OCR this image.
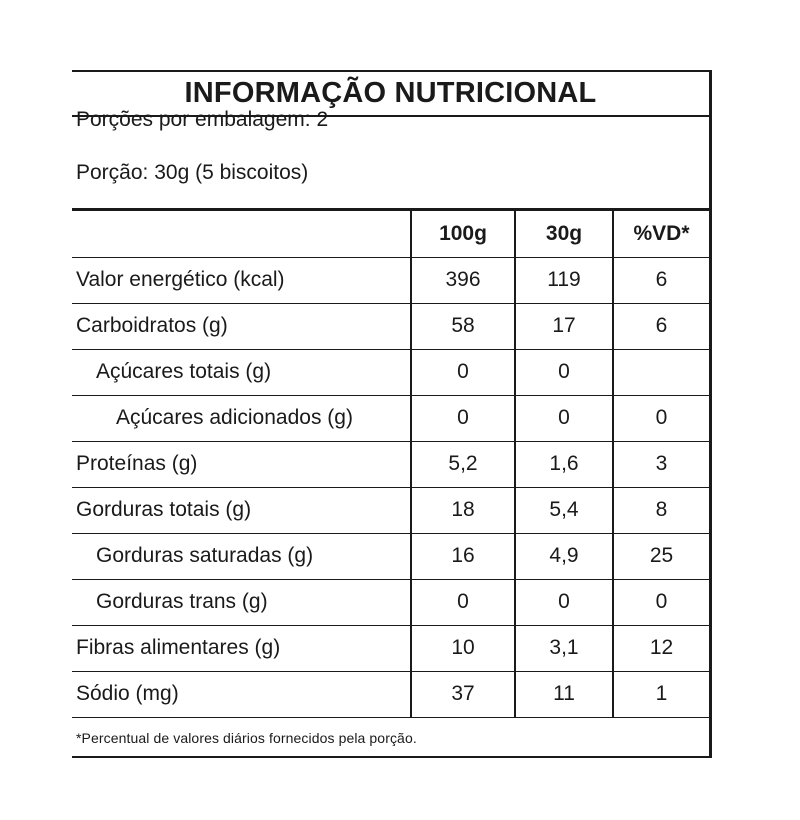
INFORMAÇÃO NUTRICIONAL
Porções por embalagem: 2
Porção: 30g (5 biscoitos)
	100g	30g	%VD*
Valor energético (kcal)	396	119	6
Carboidratos (g)	58	17	6
Açúcares totais (g)	0	0	
Açúcares adicionados (g)	0	0	0
Proteínas (g)	5,2	1,6	3
Gorduras totais (g)	18	5,4	8
Gorduras saturadas (g)	16	4,9	25
Gorduras trans (g)	0	0	0
Fibras alimentares (g)	10	3,1	12
Sódio (mg)	37	11	1
*Percentual de valores diários fornecidos pela porção.
